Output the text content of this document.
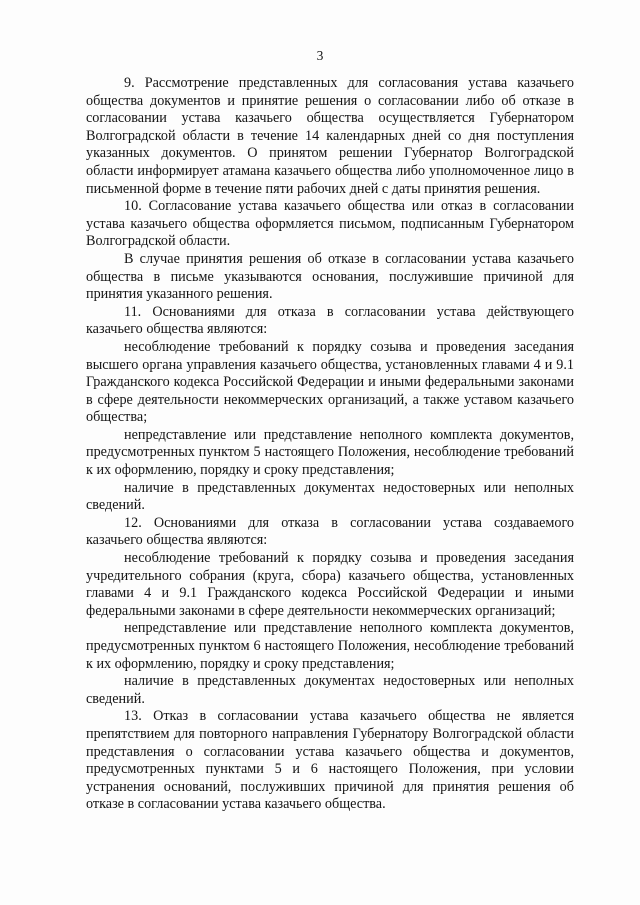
3

9. Рассмотрение представленных для согласования устава казачьего общества документов и принятие решения о согласовании либо об отказе в согласовании устава казачьего общества осуществляется Губернатором Волгоградской области в течение 14 календарных дней со дня поступления указанных документов. О принятом решении Губернатор Волгоградской области информирует атамана казачьего общества либо уполномоченное лицо в письменной форме в течение пяти рабочих дней с даты принятия решения.

10. Согласование устава казачьего общества или отказ в согласовании устава казачьего общества оформляется письмом, подписанным Губернатором Волгоградской области.

В случае принятия решения об отказе в согласовании устава казачьего общества в письме указываются основания, послужившие причиной для принятия указанного решения.

11. Основаниями для отказа в согласовании устава действующего казачьего общества являются:

несоблюдение требований к порядку созыва и проведения заседания высшего органа управления казачьего общества, установленных главами 4 и 9.1 Гражданского кодекса Российской Федерации и иными федеральными законами в сфере деятельности некоммерческих организаций, а также уставом казачьего общества;

непредставление или представление неполного комплекта документов, предусмотренных пунктом 5 настоящего Положения, несоблюдение требований к их оформлению, порядку и сроку представления;

наличие в представленных документах недостоверных или неполных сведений.

12. Основаниями для отказа в согласовании устава создаваемого казачьего общества являются:

несоблюдение требований к порядку созыва и проведения заседания учредительного собрания (круга, сбора) казачьего общества, установленных главами 4 и 9.1 Гражданского кодекса Российской Федерации и иными федеральными законами в сфере деятельности некоммерческих организаций;

непредставление или представление неполного комплекта документов, предусмотренных пунктом 6 настоящего Положения, несоблюдение требований к их оформлению, порядку и сроку представления;

наличие в представленных документах недостоверных или неполных сведений.

13. Отказ в согласовании устава казачьего общества не является препятствием для повторного направления Губернатору Волгоградской области представления о согласовании устава казачьего общества и документов, предусмотренных пунктами 5 и 6 настоящего Положения, при условии устранения оснований, послуживших причиной для принятия решения об отказе в согласовании устава казачьего общества.
